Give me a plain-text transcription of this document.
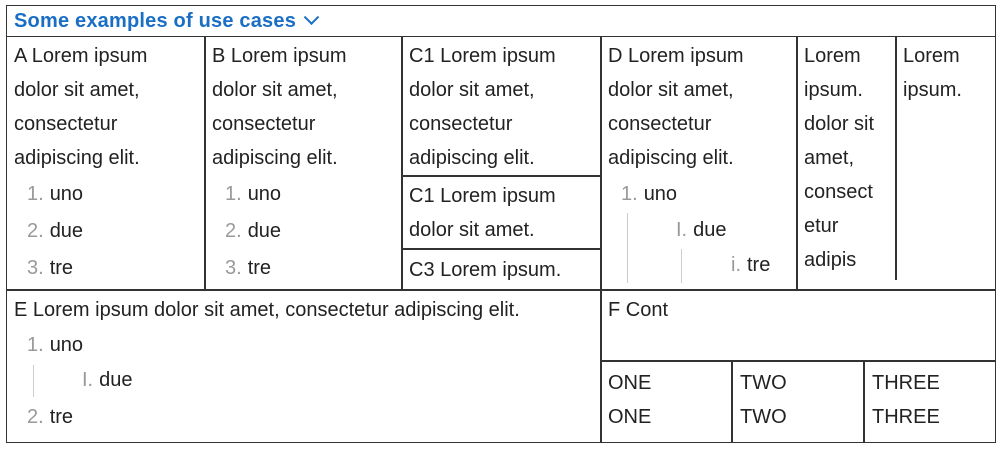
Some examples of use cases
A Lorem ipsum
dolor sit amet,
consectetur
adipiscing elit.
1. uno
2. due
3. tre
B Lorem ipsum
dolor sit amet,
consectetur
adipiscing elit.
1. uno
2. due
3. tre
C1 Lorem ipsum
dolor sit amet,
consectetur
adipiscing elit.
C1 Lorem ipsum
dolor sit amet.
C3 Lorem ipsum.
D Lorem ipsum
dolor sit amet,
consectetur
adipiscing elit.
1. uno
I. due
i. tre
Lorem
ipsum.
dolor sit
amet,
consect
etur
adipis
Lorem
ipsum.
E Lorem ipsum dolor sit amet, consectetur adipiscing elit.
1. uno
I. due
2. tre
F Cont
ONE
ONE
TWO
TWO
THREE
THREE
